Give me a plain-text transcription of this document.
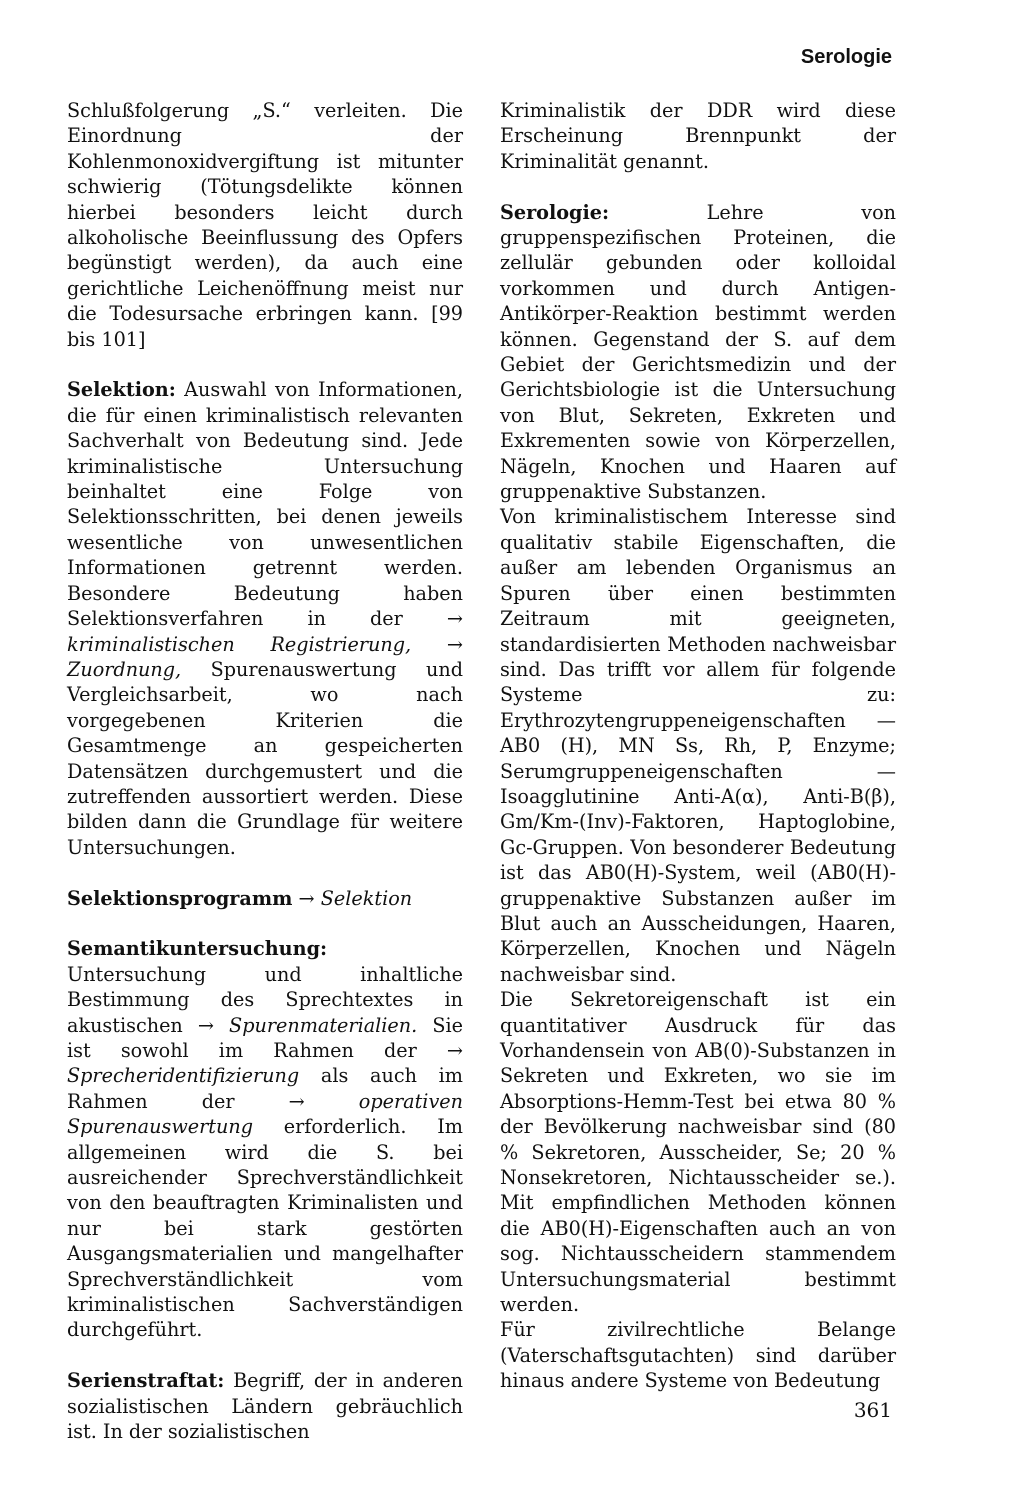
Serologie

Schlußfolgerung „S.“ verleiten. Die Einordnung der Kohlenmonoxidvergiftung ist mitunter schwierig (Tötungsdelikte können hierbei besonders leicht durch alkoholische Beeinflussung des Opfers begünstigt werden), da auch eine gerichtliche Leichenöffnung meist nur die Todesursache erbringen kann. [99 bis 101]

Selektion: Auswahl von Informationen, die für einen kriminalistisch relevanten Sachverhalt von Bedeutung sind. Jede kriminalistische Untersuchung beinhaltet eine Folge von Selektionsschritten, bei denen jeweils wesentliche von unwesentlichen Informationen getrennt werden. Besondere Bedeutung haben Selektionsverfahren in der → kriminalistischen Registrierung, → Zuordnung, Spurenauswertung und Vergleichsarbeit, wo nach vorgegebenen Kriterien die Gesamtmenge an gespeicherten Datensätzen durchgemustert und die zutreffenden aussortiert werden. Diese bilden dann die Grundlage für weitere Untersuchungen.

Selektionsprogramm → Selektion

Semantikuntersuchung: Untersuchung und inhaltliche Bestimmung des Sprechtextes in akustischen → Spurenmaterialien. Sie ist sowohl im Rahmen der → Sprecheridentifizierung als auch im Rahmen der → operativen Spurenauswertung erforderlich. Im allgemeinen wird die S. bei ausreichender Sprechverständlichkeit von den beauftragten Kriminalisten und nur bei stark gestörten Ausgangsmaterialien und mangelhafter Sprechverständlichkeit vom kriminalistischen Sachverständigen durchgeführt.

Serienstraftat: Begriff, der in anderen sozialistischen Ländern gebräuchlich ist. In der sozialistischen

Kriminalistik der DDR wird diese Erscheinung Brennpunkt der Kriminalität genannt.

Serologie: Lehre von gruppenspezifischen Proteinen, die zellulär gebunden oder kolloidal vorkommen und durch Antigen-Antikörper-Reaktion bestimmt werden können. Gegenstand der S. auf dem Gebiet der Gerichtsmedizin und der Gerichtsbiologie ist die Untersuchung von Blut, Sekreten, Exkreten und Exkrementen sowie von Körperzellen, Nägeln, Knochen und Haaren auf gruppenaktive Substanzen.

Von kriminalistischem Interesse sind qualitativ stabile Eigenschaften, die außer am lebenden Organismus an Spuren über einen bestimmten Zeitraum mit geeigneten, standardisierten Methoden nachweisbar sind. Das trifft vor allem für folgende Systeme zu: Erythrozytengruppeneigenschaften — AB0 (H), MN Ss, Rh, P, Enzyme; Serumgruppeneigenschaften — Isoagglutinine Anti-A(α), Anti-B(β), Gm/Km-(Inv)-Faktoren, Haptoglobine, Gc-Gruppen. Von besonderer Bedeutung ist das AB0(H)-System, weil (AB0(H)-gruppenaktive Substanzen außer im Blut auch an Ausscheidungen, Haaren, Körperzellen, Knochen und Nägeln nachweisbar sind.

Die Sekretoreigenschaft ist ein quantitativer Ausdruck für das Vorhandensein von AB(0)-Substanzen in Sekreten und Exkreten, wo sie im Absorptions-Hemm-Test bei etwa 80 % der Bevölkerung nachweisbar sind (80 % Sekretoren, Ausscheider, Se; 20 % Nonsekretoren, Nichtausscheider se.). Mit empfindlichen Methoden können die AB0(H)-Eigenschaften auch an von sog. Nichtausscheidern stammendem Untersuchungsmaterial bestimmt werden.

Für zivilrechtliche Belange (Vaterschaftsgutachten) sind darüber hinaus andere Systeme von Bedeutung

361
